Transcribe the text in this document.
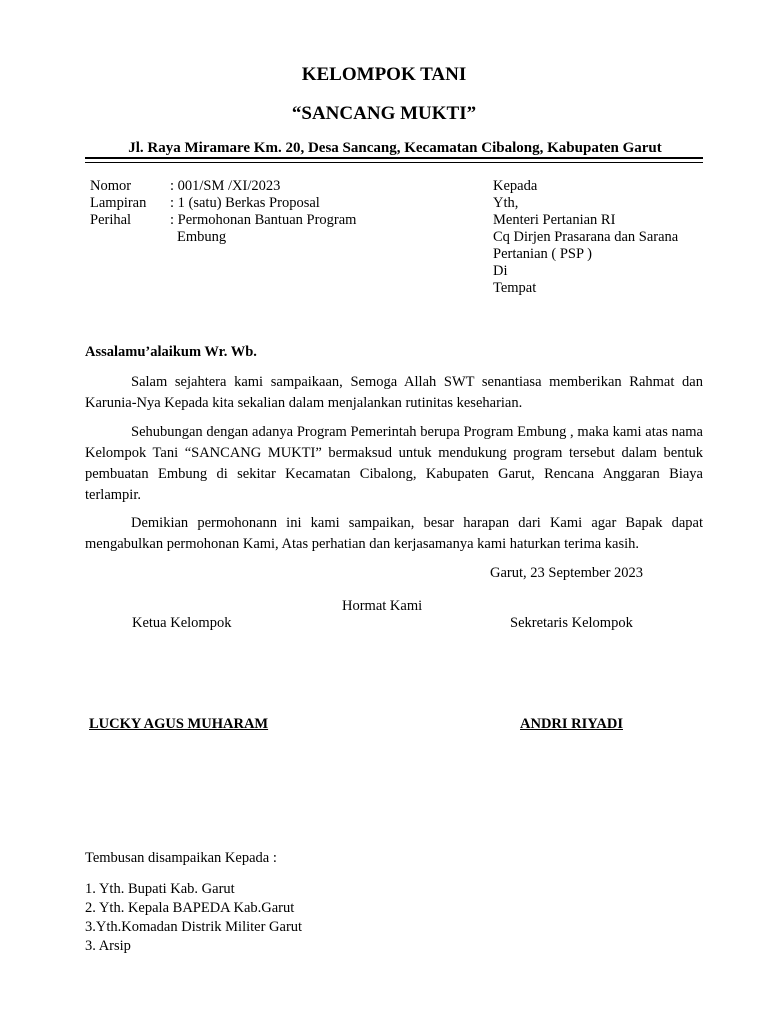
KELOMPOK TANI
“SANCANG MUKTI”
Jl. Raya Miramare Km. 20, Desa Sancang, Kecamatan Cibalong, Kabupaten Garut
Nomor	: 001/SM /XI/2023
Lampiran : 1 (satu) Berkas Proposal
Perihal	: Permohonan Bantuan Program
Embung
Kepada
Yth,
Menteri Pertanian RI
Cq Dirjen Prasarana dan Sarana
Pertanian ( PSP )
Di
Tempat
Assalamu’alaikum Wr. Wb.
Salam sejahtera kami sampaikaan, Semoga Allah SWT senantiasa memberikan Rahmat dan Karunia-Nya Kepada kita sekalian dalam menjalankan rutinitas keseharian.
Sehubungan dengan adanya Program Pemerintah berupa Program Embung , maka kami atas nama Kelompok Tani “SANCANG MUKTI” bermaksud untuk mendukung program tersebut dalam bentuk pembuatan Embung di sekitar Kecamatan Cibalong, Kabupaten Garut, Rencana Anggaran Biaya terlampir.
Demikian permohonann ini kami sampaikan, besar harapan dari Kami agar Bapak dapat mengabulkan permohonan Kami, Atas perhatian dan kerjasamanya kami haturkan terima kasih.
Garut, 23 September 2023
Hormat Kami
Ketua Kelompok	Sekretaris Kelompok
LUCKY AGUS MUHARAM	ANDRI RIYADI
Tembusan disampaikan Kepada :
1. Yth. Bupati Kab. Garut
2. Yth. Kepala BAPEDA Kab.Garut
3.Yth.Komadan Distrik Militer Garut
3. Arsip
